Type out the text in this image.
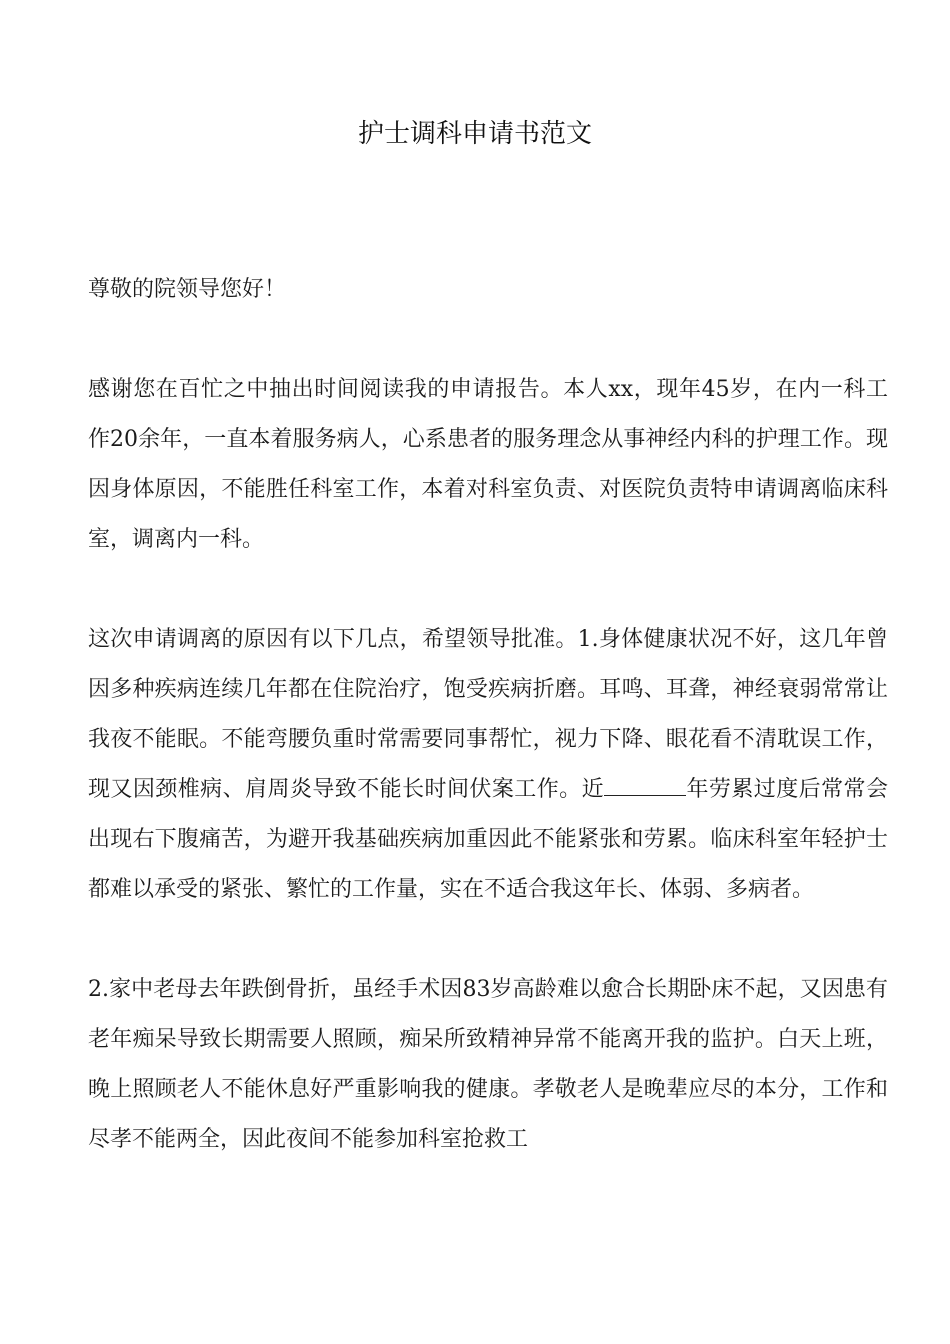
护士调科申请书范文

尊敬的院领导您好！

感谢您在百忙之中抽出时间阅读我的申请报告。本人xx，现年45岁，在内一科工作20余年，一直本着服务病人，心系患者的服务理念从事神经内科的护理工作。现因身体原因，不能胜任科室工作，本着对科室负责、对医院负责特申请调离临床科室，调离内一科。

这次申请调离的原因有以下几点，希望领导批准。1.身体健康状况不好，这几年曾因多种疾病连续几年都在住院治疗，饱受疾病折磨。耳鸣、耳聋，神经衰弱常常让我夜不能眠。不能弯腰负重时常需要同事帮忙，视力下降、眼花看不清耽误工作，现又因颈椎病、肩周炎导致不能长时间伏案工作。近	年劳累过度后常常会出现右下腹痛苦，为避开我基础疾病加重因此不能紧张和劳累。临床科室年轻护士都难以承受的紧张、繁忙的工作量，实在不适合我这年长、体弱、多病者。

2.家中老母去年跌倒骨折，虽经手术因83岁高龄难以愈合长期卧床不起，又因患有老年痴呆导致长期需要人照顾，痴呆所致精神异常不能离开我的监护。白天上班，晚上照顾老人不能休息好严重影响我的健康。孝敬老人是晚辈应尽的本分，工作和尽孝不能两全，因此夜间不能参加科室抢救工
